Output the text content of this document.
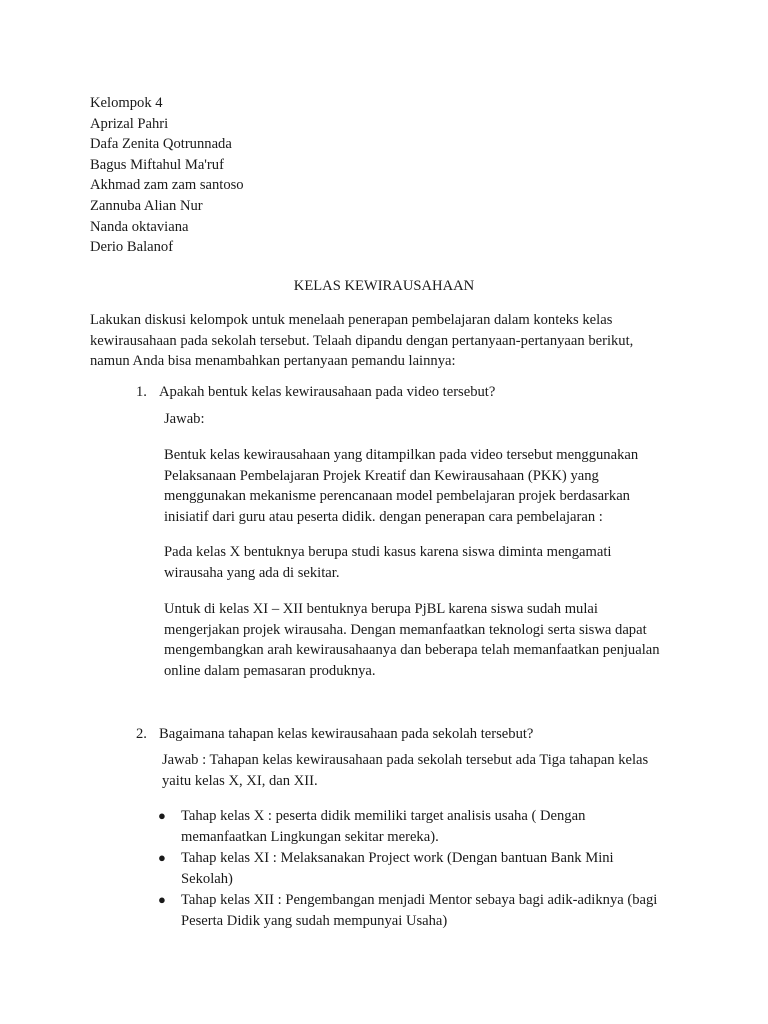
Kelompok 4
Aprizal Pahri
Dafa Zenita Qotrunnada
Bagus Miftahul Ma'ruf
Akhmad zam zam santoso
Zannuba Alian Nur
Nanda oktaviana
Derio Balanof
KELAS KEWIRAUSAHAAN
Lakukan diskusi kelompok untuk menelaah penerapan pembelajaran dalam konteks kelas
kewirausahaan pada sekolah tersebut. Telaah dipandu dengan pertanyaan-pertanyaan berikut,
namun Anda bisa menambahkan pertanyaan pemandu lainnya:
1. Apakah bentuk kelas kewirausahaan pada video tersebut?
Jawab:
Bentuk kelas kewirausahaan yang ditampilkan pada video tersebut menggunakan
Pelaksanaan Pembelajaran Projek Kreatif dan Kewirausahaan (PKK) yang
menggunakan mekanisme perencanaan model pembelajaran projek berdasarkan
inisiatif dari guru atau peserta didik. dengan penerapan cara pembelajaran :
Pada kelas X bentuknya berupa studi kasus karena siswa diminta mengamati
wirausaha yang ada di sekitar.
Untuk di kelas XI – XII bentuknya berupa PjBL karena siswa sudah mulai
mengerjakan projek wirausaha. Dengan memanfaatkan teknologi serta siswa dapat
mengembangkan arah kewirausahaanya dan beberapa telah memanfaatkan penjualan
online dalam pemasaran produknya.
2. Bagaimana tahapan kelas kewirausahaan pada sekolah tersebut?
Jawab : Tahapan kelas kewirausahaan pada sekolah tersebut ada Tiga tahapan kelas
yaitu kelas X, XI, dan XII.
● Tahap kelas X : peserta didik memiliki target analisis usaha ( Dengan
memanfaatkan Lingkungan sekitar mereka).
● Tahap kelas XI : Melaksanakan Project work (Dengan bantuan Bank Mini
Sekolah)
● Tahap kelas XII : Pengembangan menjadi Mentor sebaya bagi adik-adiknya (bagi
Peserta Didik yang sudah mempunyai Usaha)
